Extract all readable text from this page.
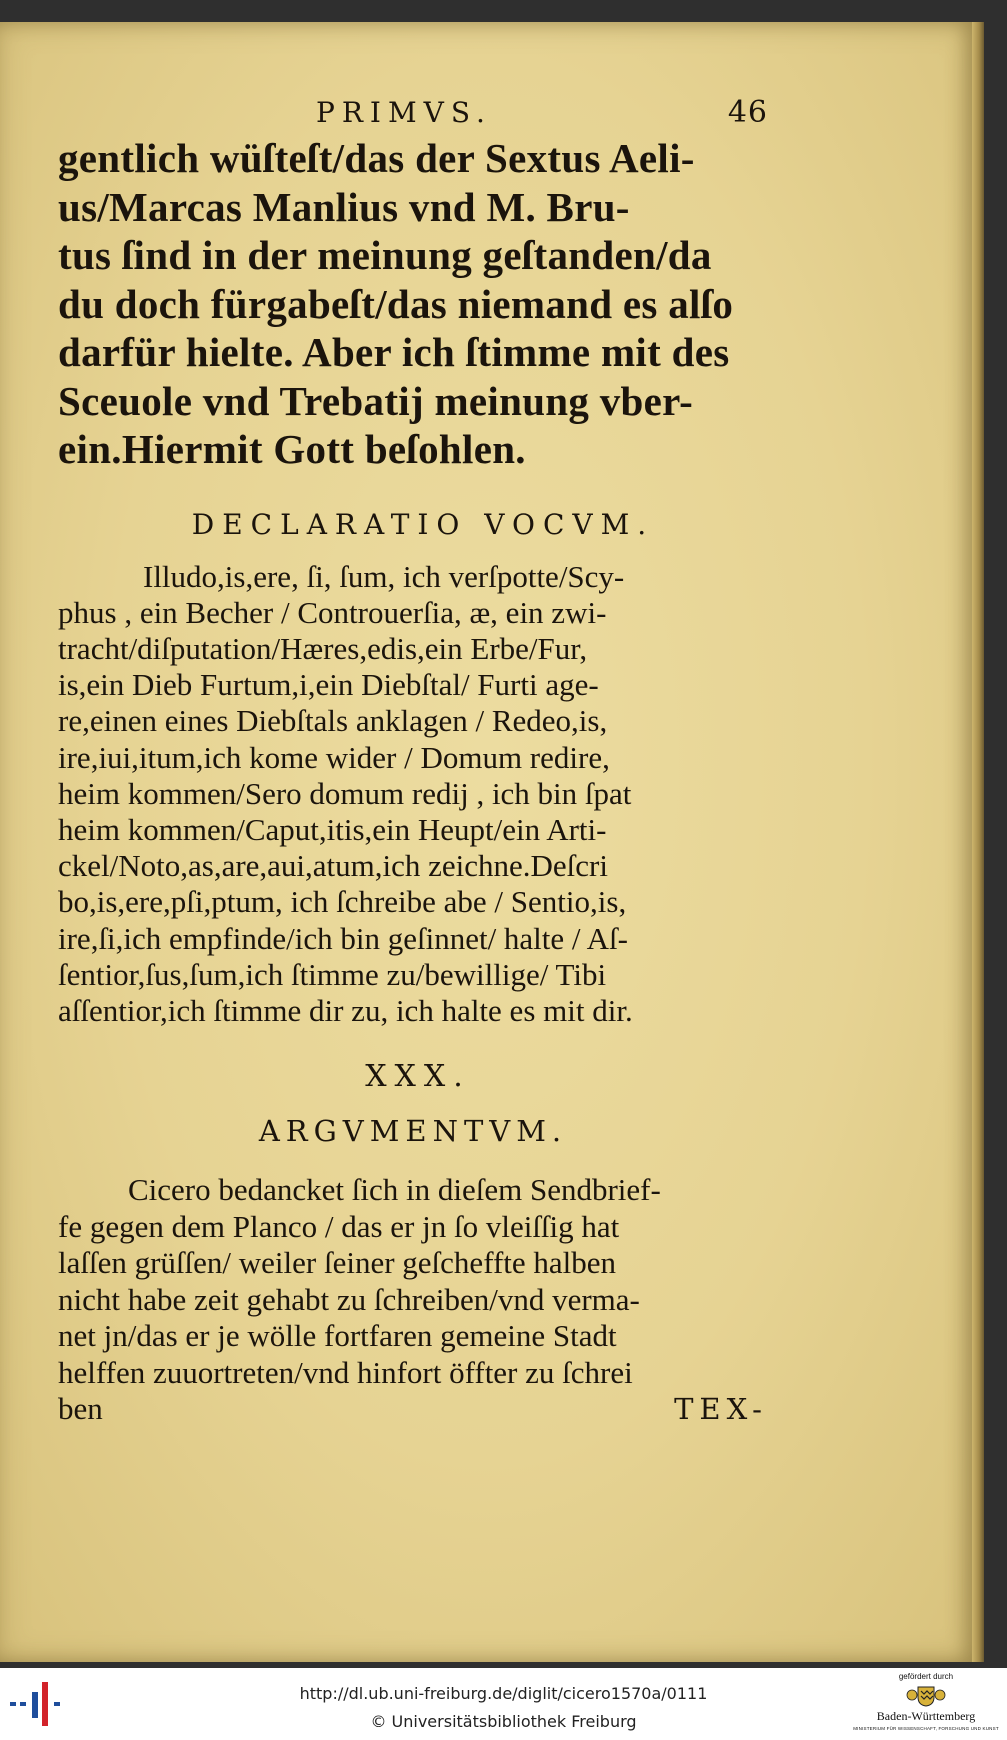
PRIMVS.	46
gentlich wüſteſt/das der Sextus Aeli-
us/Marcas Manlius vnd M. Bru-
tus ſind in der meinung geſtanden/da
du doch fürgabeſt/das niemand es alſo
darfür hielte. Aber ich ſtimme mit des
Sceuole vnd Trebatij meinung vber-
ein.Hiermit Gott beſohlen.
DECLARATIO VOCVM.
Illudo,is,ere, ſi, ſum, ich verſpotte/Scy-
phus , ein Becher / Controuerſia, æ, ein zwi-
tracht/diſputation/Hæres,edis,ein Erbe/Fur,
is,ein Dieb Furtum,i,ein Diebſtal/ Furti age-
re,einen eines Diebſtals anklagen / Redeo,is,
ire,iui,itum,ich kome wider / Domum redire,
heim kommen/Sero domum redij , ich bin ſpat
heim kommen/Caput,itis,ein Heupt/ein Arti-
ckel/Noto,as,are,aui,atum,ich zeichne.Deſcri
bo,is,ere,pſi,ptum, ich ſchreibe abe / Sentio,is,
ire,ſi,ich empfinde/ich bin geſinnet/ halte / Aſ-
ſentior,ſus,ſum,ich ſtimme zu/bewillige/ Tibi
aſſentior,ich ſtimme dir zu, ich halte es mit dir.
XXX.
ARGVMENTVM.
Cicero bedancket ſich in dieſem Sendbrief-
fe gegen dem Planco / das er jn ſo vleiſſig hat
laſſen grüſſen/ weiler ſeiner geſcheffte halben
nicht habe zeit gehabt zu ſchreiben/vnd verma-
net jn/das er je wölle fortfaren gemeine Stadt
helffen zuuortreten/vnd hinfort öffter zu ſchrei
ben	TEX-
http://dl.ub.uni-freiburg.de/diglit/cicero1570a/0111
© Universitätsbibliothek Freiburg
gefördert durch
Baden-Württemberg
MINISTERIUM FÜR WISSENSCHAFT, FORSCHUNG UND KUNST
